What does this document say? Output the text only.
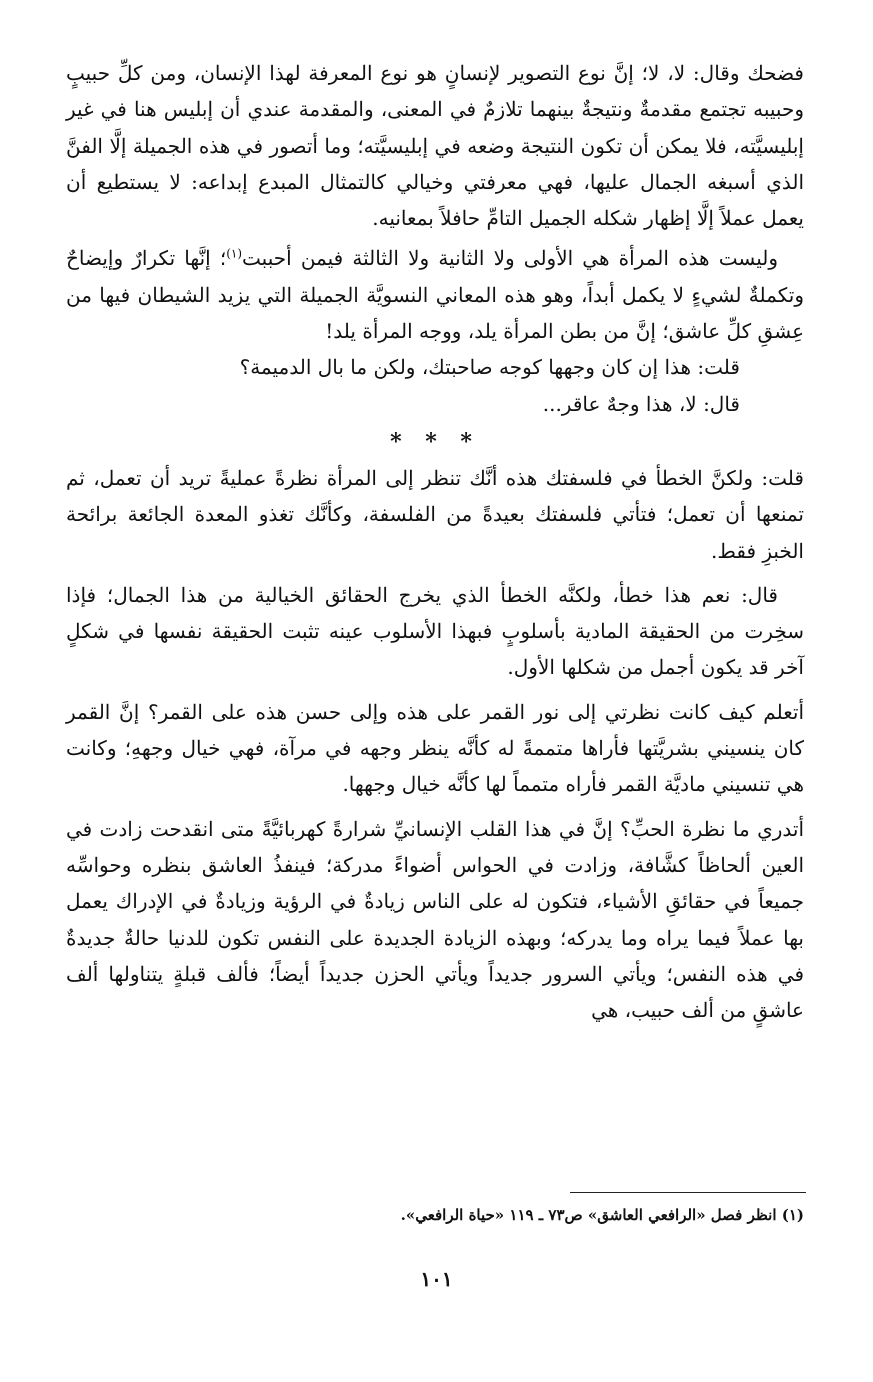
فضحك وقال: لا، لا؛ إنَّ نوع التصوير لإنسانٍ هو نوع المعرفة لهذا الإنسان، ومن كلِّ حبيبٍ وحبيبه تجتمع مقدمةٌ ونتيجةٌ بينهما تلازمٌ في المعنى، والمقدمة عندي أن إبليس هنا في غير إبليسيَّته، فلا يمكن أن تكون النتيجة وضعه في إبليسيَّته؛ وما أتصور في هذه الجميلة إلَّا الفنَّ الذي أسبغه الجمال عليها، فهي معرفتي وخيالي كالتمثال المبدع إبداعه: لا يستطيع أن يعمل عملاً إلَّا إظهار شكله الجميل التامِّ حافلاً بمعانيه.

وليست هذه المرأة هي الأولى ولا الثانية ولا الثالثة فيمن أحببت$^{(١)}$؛ إنَّها تكرارٌ وإيضاحٌ وتكملةٌ لشيءٍ لا يكمل أبداً، وهو هذه المعاني النسويَّة الجميلة التي يزيد الشيطان فيها من عِشقِ كلِّ عاشق؛ إنَّ من بطن المرأة يلد، ووجه المرأة يلد!

قلت: هذا إن كان وجهها كوجه صاحبتك، ولكن ما بال الدميمة؟

قال: لا، هذا وجهٌ عاقر...

* * *

قلت: ولكنَّ الخطأ في فلسفتك هذه أنَّك تنظر إلى المرأة نظرةً عمليةً تريد أن تعمل، ثم تمنعها أن تعمل؛ فتأتي فلسفتك بعيدةً من الفلسفة، وكأنَّك تغذو المعدة الجائعة برائحة الخبزِ فقط.

قال: نعم هذا خطأ، ولكنَّه الخطأ الذي يخرج الحقائق الخيالية من هذا الجمال؛ فإذا سخِرت من الحقيقة المادية بأسلوبٍ فبهذا الأسلوب عينه تثبت الحقيقة نفسها في شكلٍ آخر قد يكون أجمل من شكلها الأول.

أتعلم كيف كانت نظرتي إلى نور القمر على هذه وإلى حسن هذه على القمر؟ إنَّ القمر كان ينسيني بشريَّتها فأراها متممةً له كأنَّه ينظر وجهه في مرآة، فهي خيال وجههِ؛ وكانت هي تنسيني ماديَّة القمر فأراه متمماً لها كأنَّه خيال وجهها.

أتدري ما نظرة الحبِّ؟ إنَّ في هذا القلب الإنسانيِّ شرارةً كهربائيَّةً متى انقدحت زادت في العين ألحاظاً كشَّافة، وزادت في الحواس أضواءً مدركة؛ فينفذُ العاشق بنظره وحواسِّه جميعاً في حقائقِ الأشياء، فتكون له على الناس زيادةٌ في الرؤية وزيادةٌ في الإدراك يعمل بها عملاً فيما يراه وما يدركه؛ وبهذه الزيادة الجديدة على النفس تكون للدنيا حالةٌ جديدةٌ في هذه النفس؛ ويأتي السرور جديداً ويأتي الحزن جديداً أيضاً؛ فألف قبلةٍ يتناولها ألف عاشقٍ من ألف حبيب، هي

(١) انظر فصل «الرافعي العاشق» ص٧٣ ـ ١١٩ «حياة الرافعي».
١٠١
